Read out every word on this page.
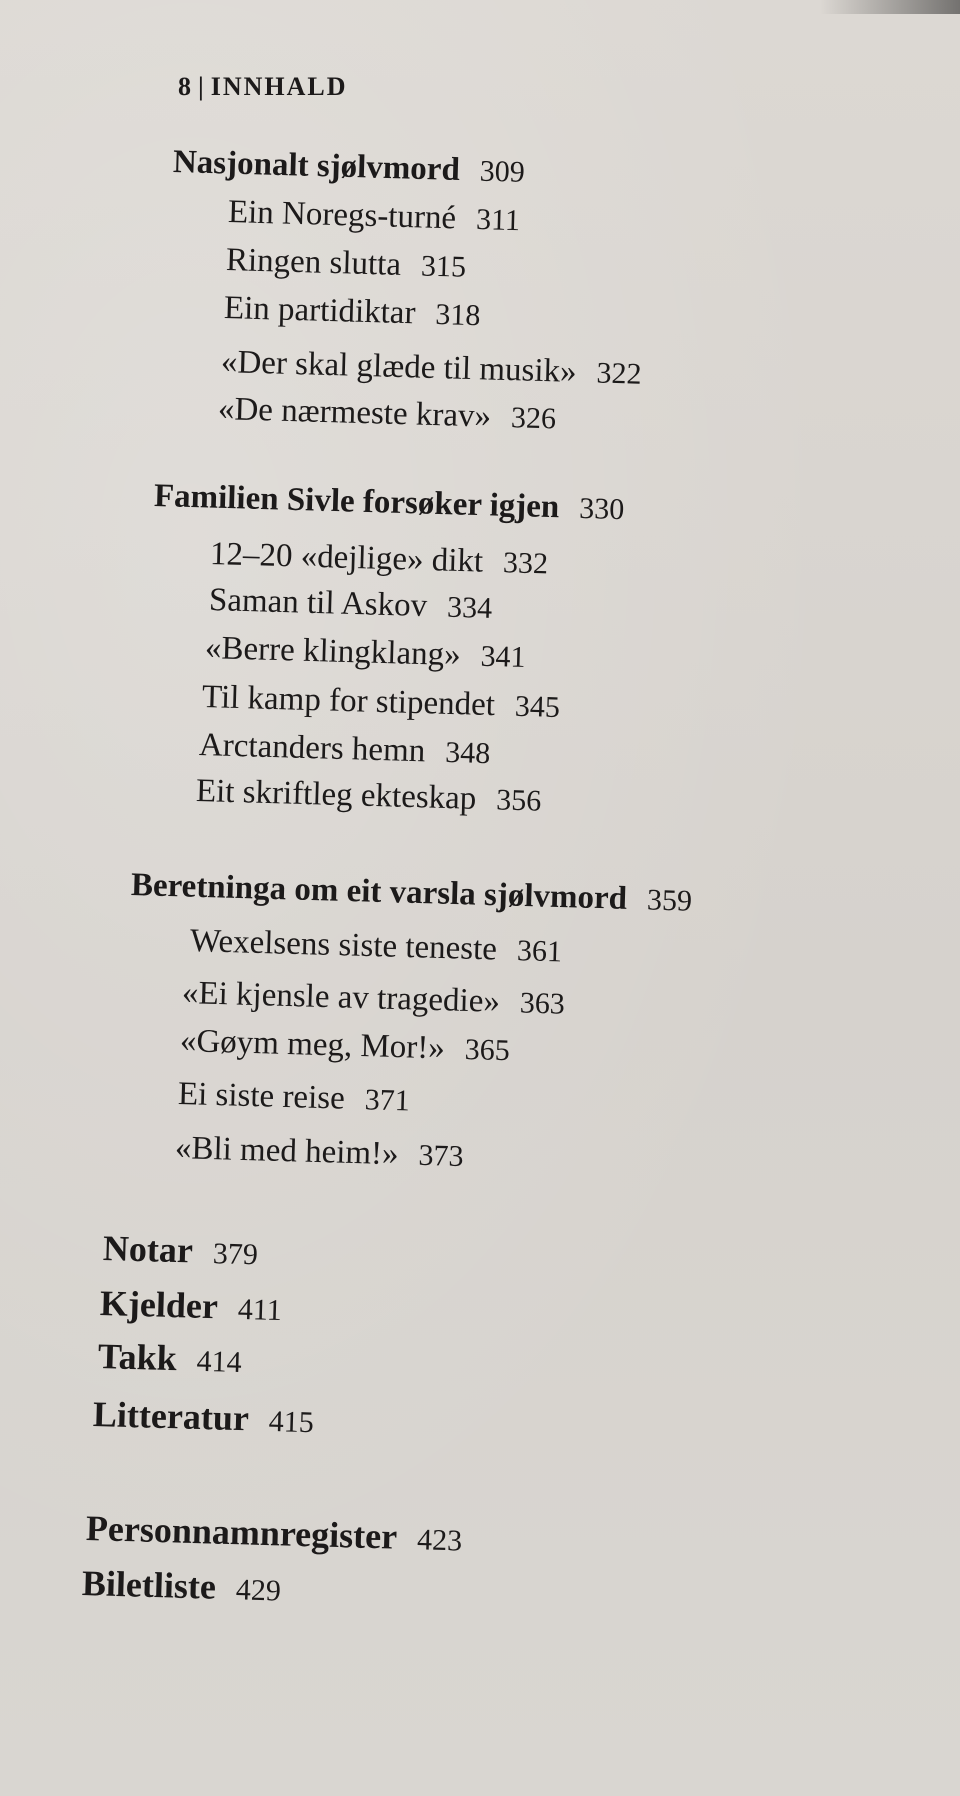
8 | INNHALD
Nasjonalt sjølvmord 309
Ein Noregs-turné 311
Ringen slutta 315
Ein partidiktar 318
«Der skal glæde til musik» 322
«De nærmeste krav» 326
Familien Sivle forsøker igjen 330
12–20 «dejlige» dikt 332
Saman til Askov 334
«Berre klingklang» 341
Til kamp for stipendet 345
Arctanders hemn 348
Eit skriftleg ekteskap 356
Beretninga om eit varsla sjølvmord 359
Wexelsens siste teneste 361
«Ei kjensle av tragedie» 363
«Gøym meg, Mor!» 365
Ei siste reise 371
«Bli med heim!» 373
Notar 379
Kjelder 411
Takk 414
Litteratur 415
Personnamnregister 423
Biletliste 429
